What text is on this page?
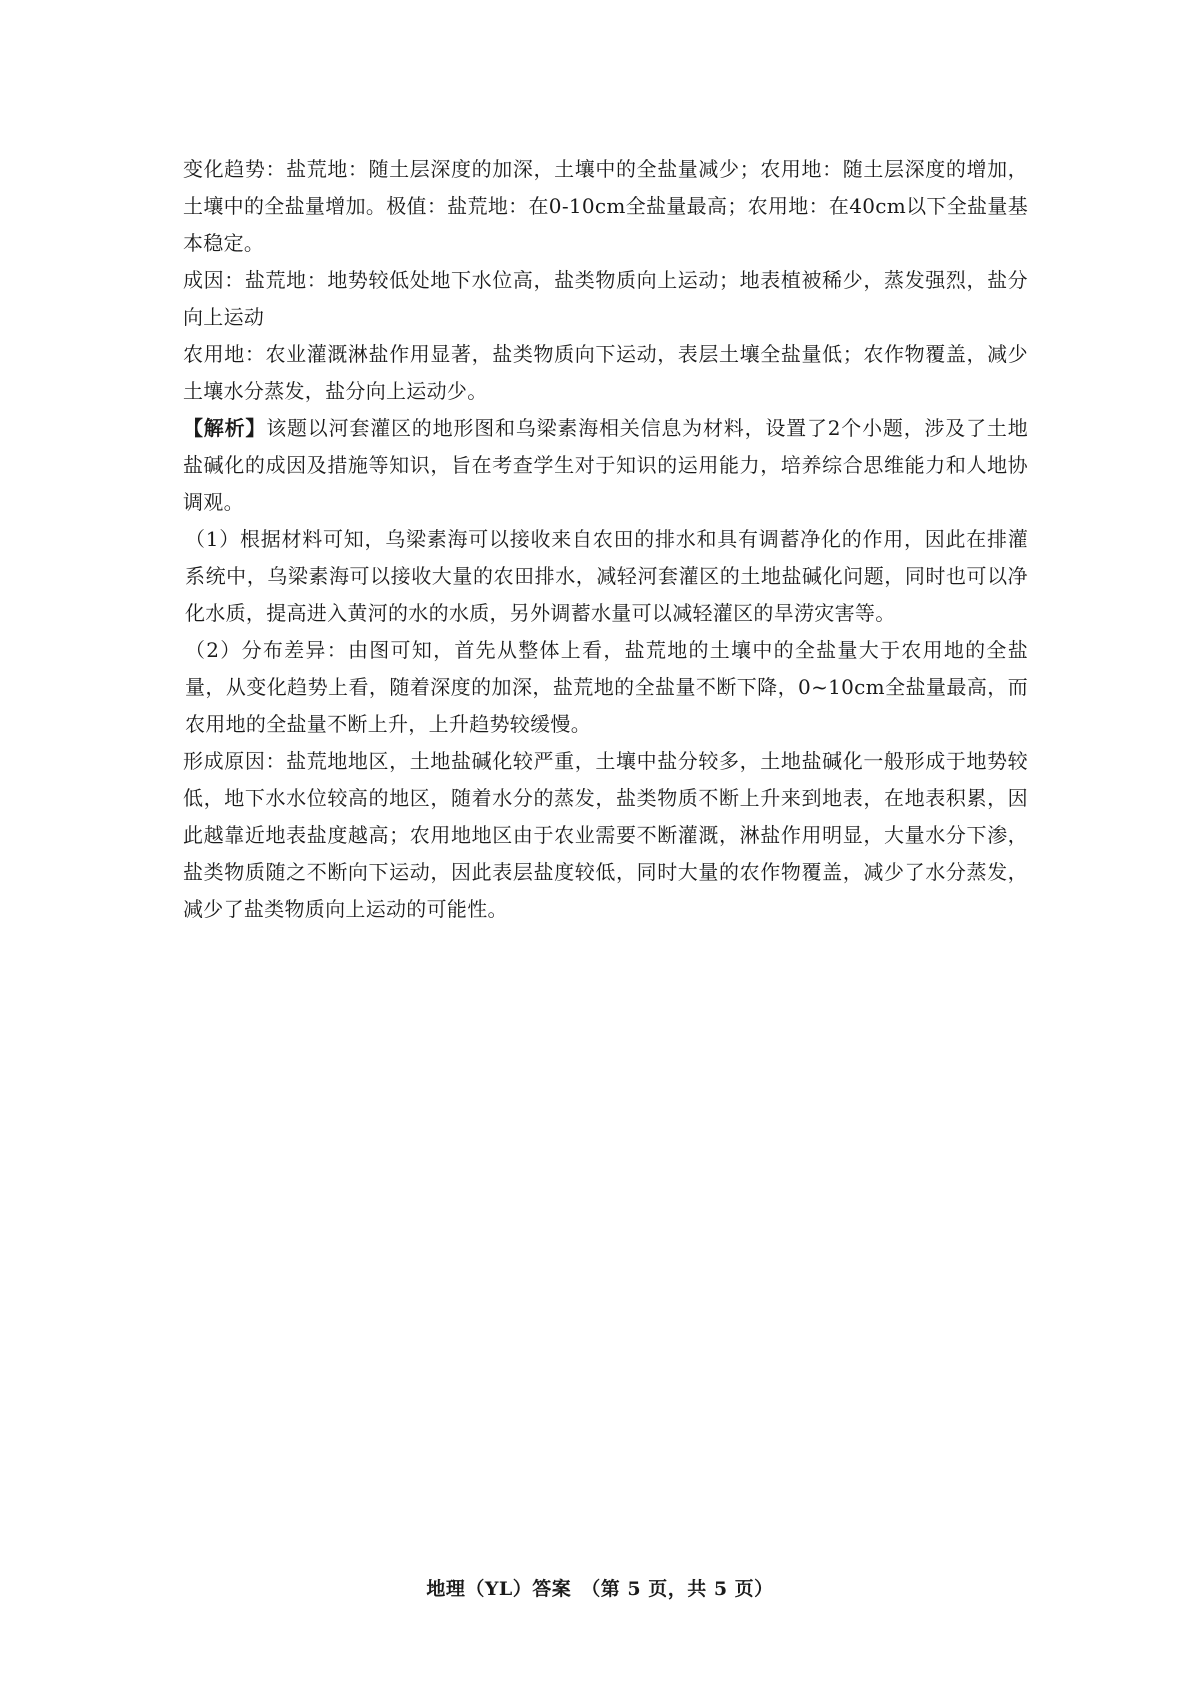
变化趋势：盐荒地：随土层深度的加深，土壤中的全盐量减少；农用地：随土层深度的增加，土壤中的全盐量增加。极值：盐荒地：在0-10cm全盐量最高；农用地：在40cm以下全盐量基本稳定。

成因：盐荒地：地势较低处地下水位高，盐类物质向上运动；地表植被稀少，蒸发强烈，盐分向上运动

农用地：农业灌溉淋盐作用显著，盐类物质向下运动，表层土壤全盐量低；农作物覆盖，减少土壤水分蒸发，盐分向上运动少。

【解析】该题以河套灌区的地形图和乌梁素海相关信息为材料，设置了2个小题，涉及了土地盐碱化的成因及措施等知识，旨在考查学生对于知识的运用能力，培养综合思维能力和人地协调观。

（1）根据材料可知，乌梁素海可以接收来自农田的排水和具有调蓄净化的作用，因此在排灌系统中，乌梁素海可以接收大量的农田排水，减轻河套灌区的土地盐碱化问题，同时也可以净化水质，提高进入黄河的水的水质，另外调蓄水量可以减轻灌区的旱涝灾害等。

（2）分布差异：由图可知，首先从整体上看，盐荒地的土壤中的全盐量大于农用地的全盐量，从变化趋势上看，随着深度的加深，盐荒地的全盐量不断下降，0~10cm全盐量最高，而农用地的全盐量不断上升，上升趋势较缓慢。

形成原因：盐荒地地区，土地盐碱化较严重，土壤中盐分较多，土地盐碱化一般形成于地势较低，地下水水位较高的地区，随着水分的蒸发，盐类物质不断上升来到地表，在地表积累，因此越靠近地表盐度越高；农用地地区由于农业需要不断灌溉，淋盐作用明显，大量水分下渗，盐类物质随之不断向下运动，因此表层盐度较低，同时大量的农作物覆盖，减少了水分蒸发，减少了盐类物质向上运动的可能性。

地理（YL）答案　（第 5 页，共 5 页）
